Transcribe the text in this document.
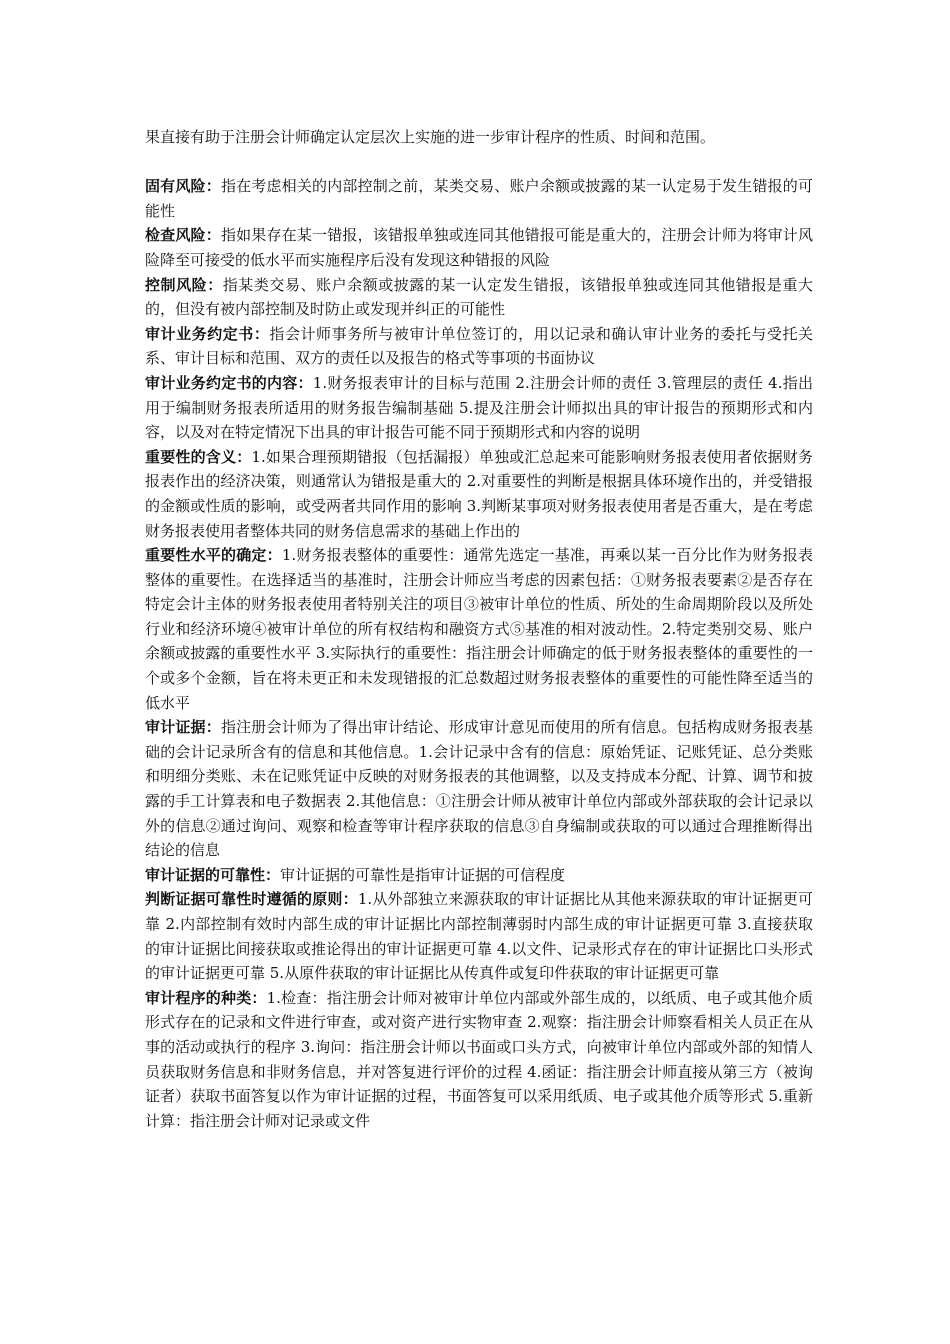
果直接有助于注册会计师确定认定层次上实施的进一步审计程序的性质、时间和范围。

固有风险：指在考虑相关的内部控制之前，某类交易、账户余额或披露的某一认定易于发生错报的可能性

检查风险：指如果存在某一错报，该错报单独或连同其他错报可能是重大的，注册会计师为将审计风险降至可接受的低水平而实施程序后没有发现这种错报的风险

控制风险：指某类交易、账户余额或披露的某一认定发生错报，该错报单独或连同其他错报是重大的，但没有被内部控制及时防止或发现并纠正的可能性

审计业务约定书：指会计师事务所与被审计单位签订的，用以记录和确认审计业务的委托与受托关系、审计目标和范围、双方的责任以及报告的格式等事项的书面协议

审计业务约定书的内容：1.财务报表审计的目标与范围 2.注册会计师的责任 3.管理层的责任 4.指出用于编制财务报表所适用的财务报告编制基础 5.提及注册会计师拟出具的审计报告的预期形式和内容，以及对在特定情况下出具的审计报告可能不同于预期形式和内容的说明

重要性的含义：1.如果合理预期错报（包括漏报）单独或汇总起来可能影响财务报表使用者依据财务报表作出的经济决策，则通常认为错报是重大的 2.对重要性的判断是根据具体环境作出的，并受错报的金额或性质的影响，或受两者共同作用的影响 3.判断某事项对财务报表使用者是否重大，是在考虑财务报表使用者整体共同的财务信息需求的基础上作出的

重要性水平的确定：1.财务报表整体的重要性：通常先选定一基准，再乘以某一百分比作为财务报表整体的重要性。在选择适当的基准时，注册会计师应当考虑的因素包括：①财务报表要素②是否存在特定会计主体的财务报表使用者特别关注的项目③被审计单位的性质、所处的生命周期阶段以及所处行业和经济环境④被审计单位的所有权结构和融资方式⑤基准的相对波动性。2.特定类别交易、账户余额或披露的重要性水平 3.实际执行的重要性：指注册会计师确定的低于财务报表整体的重要性的一个或多个金额，旨在将未更正和未发现错报的汇总数超过财务报表整体的重要性的可能性降至适当的低水平

审计证据：指注册会计师为了得出审计结论、形成审计意见而使用的所有信息。包括构成财务报表基础的会计记录所含有的信息和其他信息。1.会计记录中含有的信息：原始凭证、记账凭证、总分类账和明细分类账、未在记账凭证中反映的对财务报表的其他调整，以及支持成本分配、计算、调节和披露的手工计算表和电子数据表 2.其他信息：①注册会计师从被审计单位内部或外部获取的会计记录以外的信息②通过询问、观察和检查等审计程序获取的信息③自身编制或获取的可以通过合理推断得出结论的信息

审计证据的可靠性：审计证据的可靠性是指审计证据的可信程度

判断证据可靠性时遵循的原则：1.从外部独立来源获取的审计证据比从其他来源获取的审计证据更可靠 2.内部控制有效时内部生成的审计证据比内部控制薄弱时内部生成的审计证据更可靠 3.直接获取的审计证据比间接获取或推论得出的审计证据更可靠 4.以文件、记录形式存在的审计证据比口头形式的审计证据更可靠 5.从原件获取的审计证据比从传真件或复印件获取的审计证据更可靠

审计程序的种类：1.检查：指注册会计师对被审计单位内部或外部生成的，以纸质、电子或其他介质形式存在的记录和文件进行审查，或对资产进行实物审查 2.观察：指注册会计师察看相关人员正在从事的活动或执行的程序 3.询问：指注册会计师以书面或口头方式，向被审计单位内部或外部的知情人员获取财务信息和非财务信息，并对答复进行评价的过程 4.函证：指注册会计师直接从第三方（被询证者）获取书面答复以作为审计证据的过程，书面答复可以采用纸质、电子或其他介质等形式 5.重新计算：指注册会计师对记录或文件
